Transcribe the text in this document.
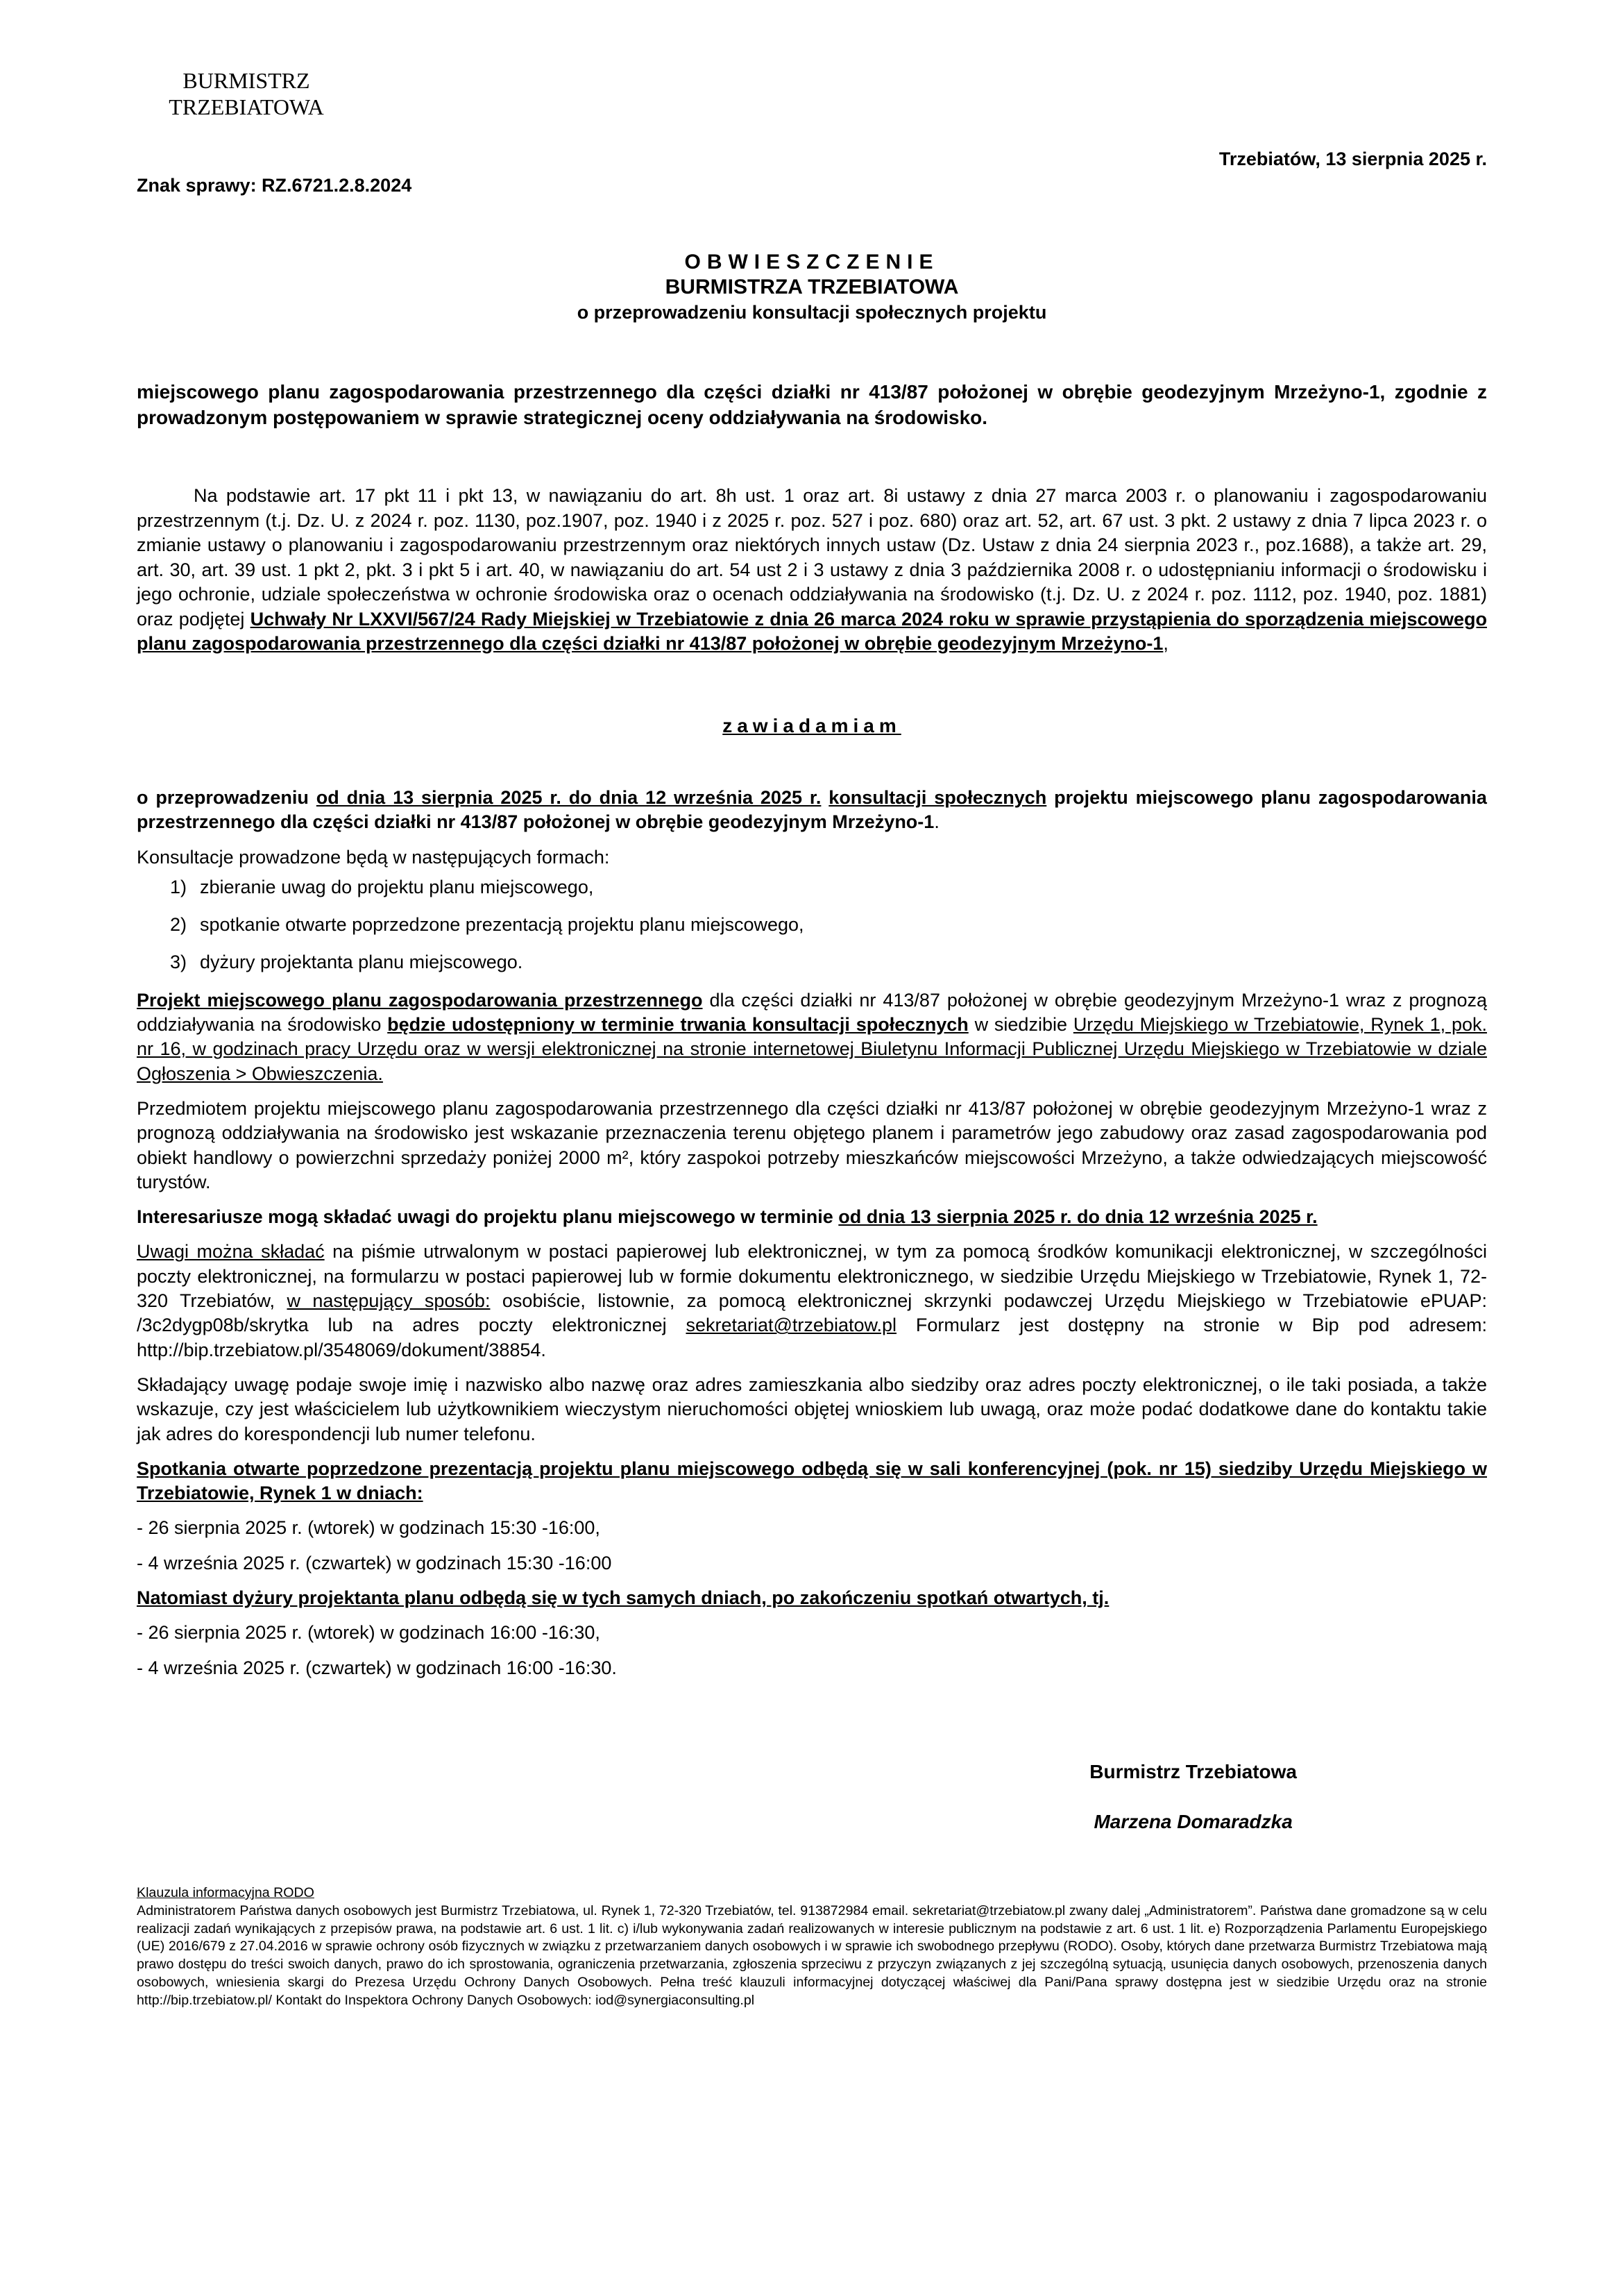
BURMISTRZ
TRZEBIATOWA
Trzebiatów, 13 sierpnia 2025 r.
Znak sprawy: RZ.6721.2.8.2024
OBWIESZCZENIE
BURMISTRZA TRZEBIATOWA
o przeprowadzeniu konsultacji społecznych projektu
miejscowego planu zagospodarowania przestrzennego dla części działki nr 413/87 położonej w obrębie geodezyjnym Mrzeżyno-1, zgodnie z prowadzonym postępowaniem w sprawie strategicznej oceny oddziaływania na środowisko.
Na podstawie art. 17 pkt 11 i pkt 13, w nawiązaniu do art. 8h ust. 1 oraz art. 8i ustawy z dnia 27 marca 2003 r. o planowaniu i zagospodarowaniu przestrzennym (t.j. Dz. U. z 2024 r. poz. 1130, poz.1907, poz. 1940 i z 2025 r. poz. 527 i poz. 680) oraz art. 52, art. 67 ust. 3 pkt. 2 ustawy z dnia 7 lipca 2023 r. o zmianie ustawy o planowaniu i zagospodarowaniu przestrzennym oraz niektórych innych ustaw (Dz. Ustaw z dnia 24 sierpnia 2023 r., poz.1688), a także art. 29, art. 30, art. 39 ust. 1 pkt 2, pkt. 3 i pkt 5 i art. 40, w nawiązaniu do art. 54 ust 2 i 3 ustawy z dnia 3 października 2008 r. o udostępnianiu informacji o środowisku i jego ochronie, udziale społeczeństwa w ochronie środowiska oraz o ocenach oddziaływania na środowisko (t.j. Dz. U. z 2024 r. poz. 1112, poz. 1940, poz. 1881) oraz podjętej Uchwały Nr LXXVI/567/24 Rady Miejskiej w Trzebiatowie z dnia 26 marca 2024 roku w sprawie przystąpienia do sporządzenia miejscowego planu zagospodarowania przestrzennego dla części działki nr 413/87 położonej w obrębie geodezyjnym Mrzeżyno-1,
zawiadamiam

o przeprowadzeniu od dnia 13 sierpnia 2025 r. do dnia 12 września 2025 r. konsultacji społecznych projektu miejscowego planu zagospodarowania przestrzennego dla części działki nr 413/87 położonej w obrębie geodezyjnym Mrzeżyno-1.

Konsultacje prowadzone będą w następujących formach:

1) zbieranie uwag do projektu planu miejscowego,
2) spotkanie otwarte poprzedzone prezentacją projektu planu miejscowego,
3) dyżury projektanta planu miejscowego.

Projekt miejscowego planu zagospodarowania przestrzennego dla części działki nr 413/87 położonej w obrębie geodezyjnym Mrzeżyno-1 wraz z prognozą oddziaływania na środowisko będzie udostępniony w terminie trwania konsultacji społecznych w siedzibie Urzędu Miejskiego w Trzebiatowie, Rynek 1, pok. nr 16, w godzinach pracy Urzędu oraz w wersji elektronicznej na stronie internetowej Biuletynu Informacji Publicznej Urzędu Miejskiego w Trzebiatowie w dziale Ogłoszenia > Obwieszczenia.

Przedmiotem projektu miejscowego planu zagospodarowania przestrzennego dla części działki nr 413/87 położonej w obrębie geodezyjnym Mrzeżyno-1 wraz z prognozą oddziaływania na środowisko jest wskazanie przeznaczenia terenu objętego planem i parametrów jego zabudowy oraz zasad zagospodarowania pod obiekt handlowy o powierzchni sprzedaży poniżej 2000 m², który zaspokoi potrzeby mieszkańców miejscowości Mrzeżyno, a także odwiedzających miejscowość turystów.

Interesariusze mogą składać uwagi do projektu planu miejscowego w terminie od dnia 13 sierpnia 2025 r. do dnia 12 września 2025 r.

Uwagi można składać na piśmie utrwalonym w postaci papierowej lub elektronicznej, w tym za pomocą środków komunikacji elektronicznej, w szczególności poczty elektronicznej, na formularzu w postaci papierowej lub w formie dokumentu elektronicznego, w siedzibie Urzędu Miejskiego w Trzebiatowie, Rynek 1, 72-320 Trzebiatów, w następujący sposób: osobiście, listownie, za pomocą elektronicznej skrzynki podawczej Urzędu Miejskiego w Trzebiatowie ePUAP: /3c2dygp08b/skrytka lub na adres poczty elektronicznej sekretariat@trzebiatow.pl Formularz jest dostępny na stronie w Bip pod adresem: http://bip.trzebiatow.pl/3548069/dokument/38854.

Składający uwagę podaje swoje imię i nazwisko albo nazwę oraz adres zamieszkania albo siedziby oraz adres poczty elektronicznej, o ile taki posiada, a także wskazuje, czy jest właścicielem lub użytkownikiem wieczystym nieruchomości objętej wnioskiem lub uwagą, oraz może podać dodatkowe dane do kontaktu takie jak adres do korespondencji lub numer telefonu.

Spotkania otwarte poprzedzone prezentacją projektu planu miejscowego odbędą się w sali konferencyjnej (pok. nr 15) siedziby Urzędu Miejskiego w Trzebiatowie, Rynek 1 w dniach:

- 26 sierpnia 2025 r. (wtorek) w godzinach 15:30 -16:00,
- 4 września 2025 r. (czwartek) w godzinach 15:30 -16:00

Natomiast dyżury projektanta planu odbędą się w tych samych dniach, po zakończeniu spotkań otwartych, tj.

- 26 sierpnia 2025 r. (wtorek) w godzinach 16:00 -16:30,
- 4 września 2025 r. (czwartek) w godzinach 16:00 -16:30.
Burmistrz Trzebiatowa
Marzena Domaradzka
Klauzula informacyjna RODO
Administratorem Państwa danych osobowych jest Burmistrz Trzebiatowa, ul. Rynek 1, 72-320 Trzebiatów, tel. 913872984 email. sekretariat@trzebiatow.pl zwany dalej „Administratorem”. Państwa dane gromadzone są w celu realizacji zadań wynikających z przepisów prawa, na podstawie art. 6 ust. 1 lit. c) i/lub wykonywania zadań realizowanych w interesie publicznym na podstawie z art. 6 ust. 1 lit. e) Rozporządzenia Parlamentu Europejskiego (UE) 2016/679 z 27.04.2016 w sprawie ochrony osób fizycznych w związku z przetwarzaniem danych osobowych i w sprawie ich swobodnego przepływu (RODO). Osoby, których dane przetwarza Burmistrz Trzebiatowa mają prawo dostępu do treści swoich danych, prawo do ich sprostowania, ograniczenia przetwarzania, zgłoszenia sprzeciwu z przyczyn związanych z jej szczególną sytuacją, usunięcia danych osobowych, przenoszenia danych osobowych, wniesienia skargi do Prezesa Urzędu Ochrony Danych Osobowych. Pełna treść klauzuli informacyjnej dotyczącej właściwej dla Pani/Pana sprawy dostępna jest w siedzibie Urzędu oraz na stronie http://bip.trzebiatow.pl/ Kontakt do Inspektora Ochrony Danych Osobowych: iod@synergiaconsulting.pl
